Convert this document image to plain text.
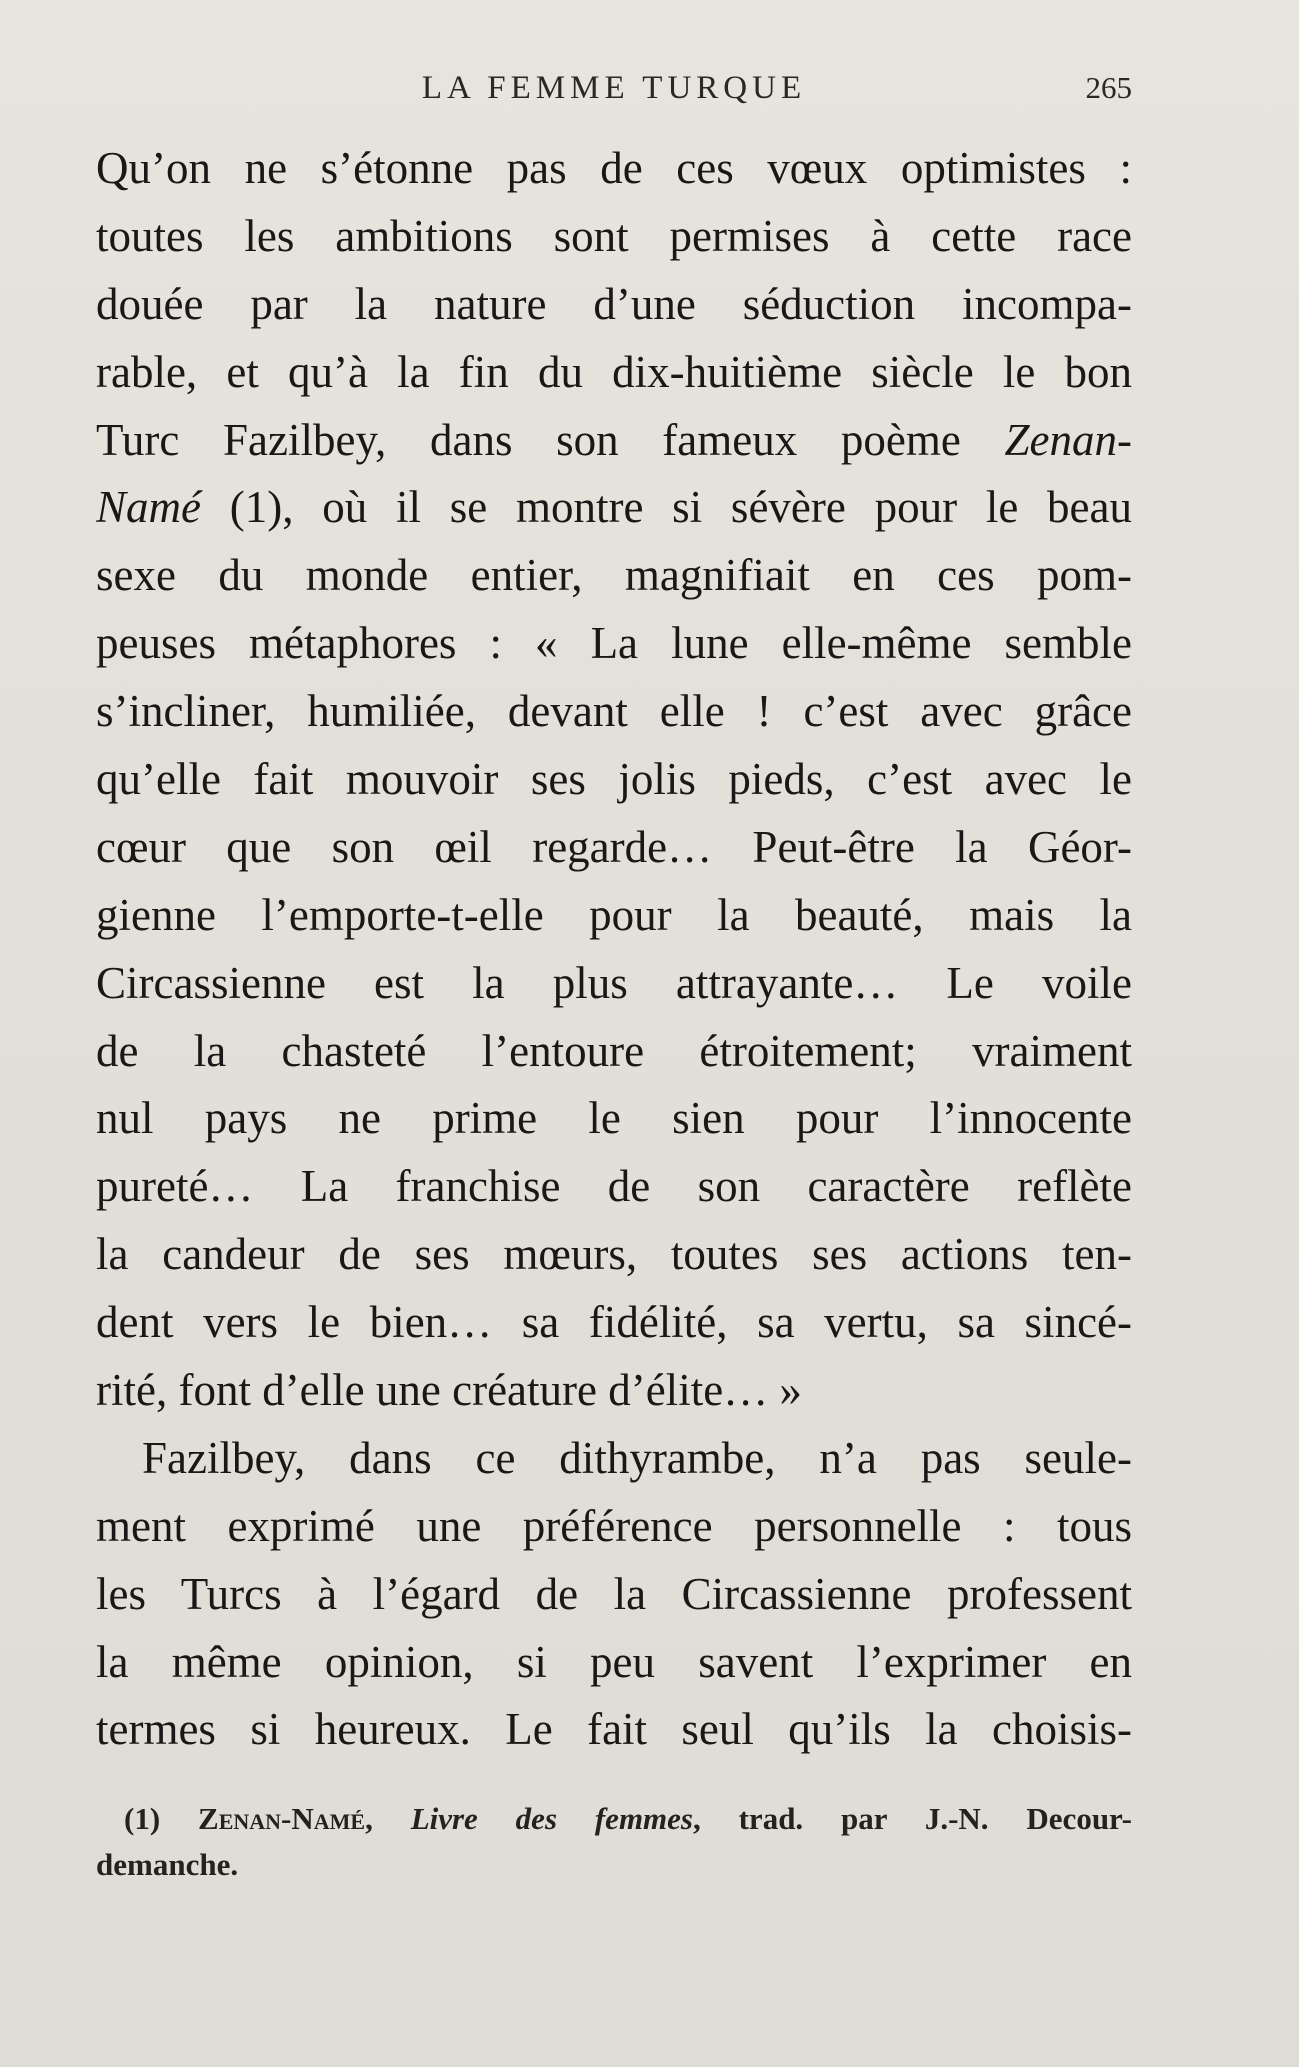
LA FEMME TURQUE	265
Qu’on ne s’étonne pas de ces vœux optimistes :
toutes les ambitions sont permises à cette race
douée par la nature d’une séduction incompa-
rable, et qu’à la fin du dix-huitième siècle le bon
Turc Fazilbey, dans son fameux poème Zenan-
Namé (1), où il se montre si sévère pour le beau
sexe du monde entier, magnifiait en ces pom-
peuses métaphores : « La lune elle-même semble
s’incliner, humiliée, devant elle ! c’est avec grâce
qu’elle fait mouvoir ses jolis pieds, c’est avec le
cœur que son œil regarde… Peut-être la Géor-
gienne l’emporte-t-elle pour la beauté, mais la
Circassienne est la plus attrayante… Le voile
de la chasteté l’entoure étroitement; vraiment
nul pays ne prime le sien pour l’innocente
pureté… La franchise de son caractère reflète
la candeur de ses mœurs, toutes ses actions ten-
dent vers le bien… sa fidélité, sa vertu, sa sincé-
rité, font d’elle une créature d’élite… »
Fazilbey, dans ce dithyrambe, n’a pas seule-
ment exprimé une préférence personnelle : tous
les Turcs à l’égard de la Circassienne professent
la même opinion, si peu savent l’exprimer en
termes si heureux. Le fait seul qu’ils la choisis-
(1) Zenan-Namé, Livre des femmes, trad. par J.-N. Decour-
demanche.
